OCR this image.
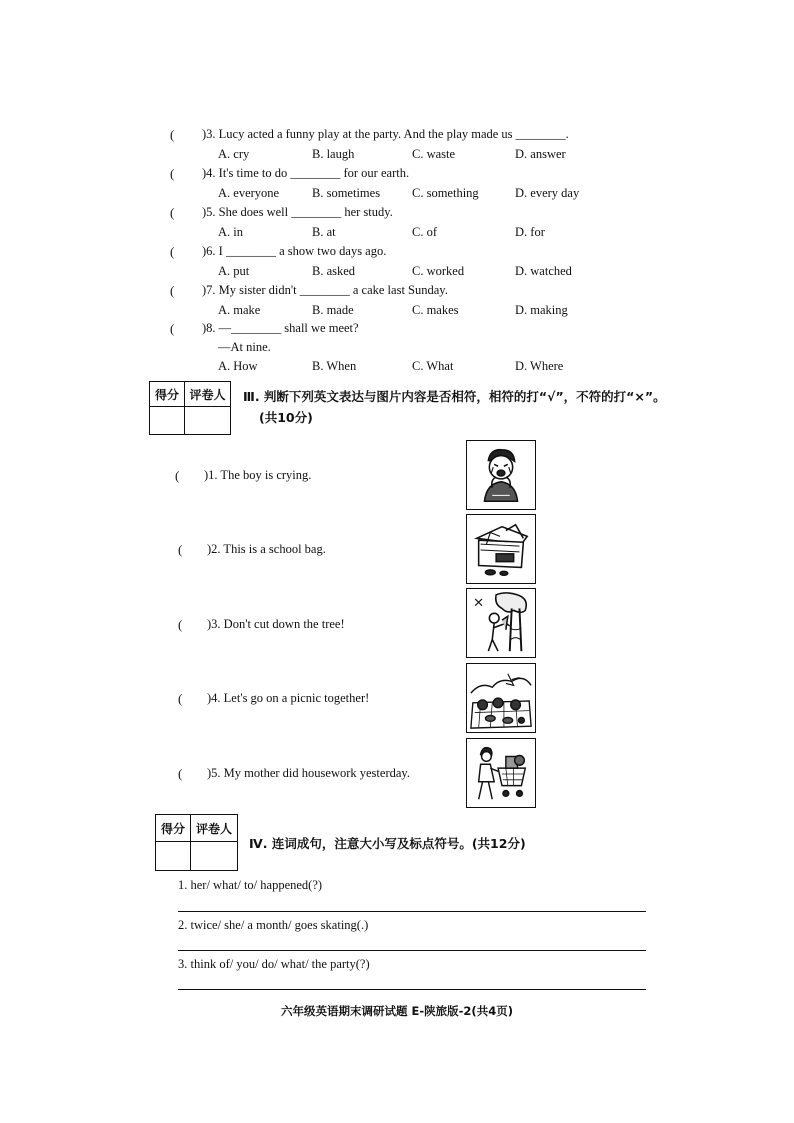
( )3. Lucy acted a funny play at the party. And the play made us ________.
A. cry	B. laugh	C. waste	D. answer
( )4. It's time to do ________ for our earth.
A. everyone	B. sometimes	C. something	D. every day
( )5. She does well ________ her study.
A. in	B. at	C. of	D. for
( )6. I ________ a show two days ago.
A. put	B. asked	C. worked	D. watched
( )7. My sister didn't ________ a cake last Sunday.
A. make	B. made	C. makes	D. making
( )8. —________ shall we meet?
—At nine.
A. How	B. When	C. What	D. Where
得分	评卷人
	Ⅲ. 判断下列英文表达与图片内容是否相符，相符的打“√”，不符的打“×”。
(共10分)
( )1. The boy is crying.
( )2. This is a school bag.
( )3. Don't cut down the tree!
( )4. Let's go on a picnic together!
( )5. My mother did housework yesterday.
×
得分	评卷人

Ⅳ. 连词成句，注意大小写及标点符号。(共12分)
1. her/ what/ to/ happened(?)
2. twice/ she/ a month/ goes skating(.)
3. think of/ you/ do/ what/ the party(?)
六年级英语期末调研试题 E-陕旅版-2(共4页)
